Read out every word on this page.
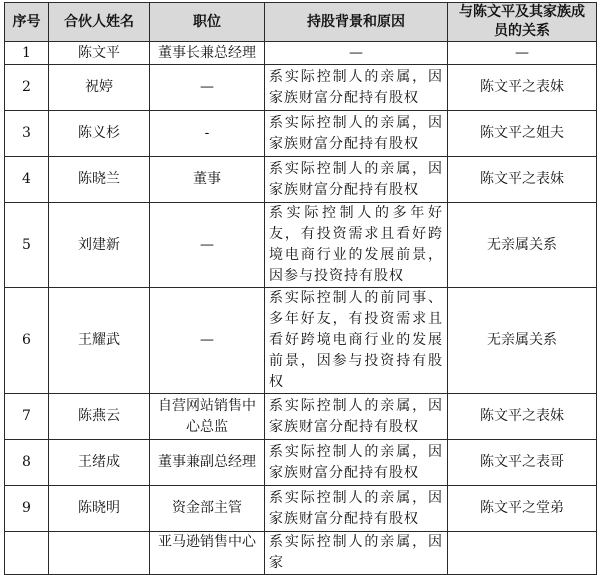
序号	合伙人姓名	职位	持股背景和原因	与陈文平及其家族成员的关系
1	陈文平	董事长兼总经理	—	—
2	祝婷	—	系实际控制人的亲属，因家族财富分配持有股权	陈文平之表妹
3	陈义杉	-	系实际控制人的亲属，因家族财富分配持有股权	陈文平之姐夫
4	陈晓兰	董事	系实际控制人的亲属，因家族财富分配持有股权	陈文平之表妹
5	刘建新	—	系实际控制人的多年好友，有投资需求且看好跨境电商行业的发展前景，因参与投资持有股权	无亲属关系
6	王耀武	—	系实际控制人的前同事、多年好友，有投资需求且看好跨境电商行业的发展前景，因参与投资持有股权	无亲属关系
7	陈燕云	自营网站销售中心总监	系实际控制人的亲属，因家族财富分配持有股权	陈文平之表妹
8	王绪成	董事兼副总经理	系实际控制人的亲属，因家族财富分配持有股权	陈文平之表哥
9	陈晓明	资金部主管	系实际控制人的亲属，因家族财富分配持有股权	陈文平之堂弟
		亚马逊销售中心	系实际控制人的亲属，因家	
